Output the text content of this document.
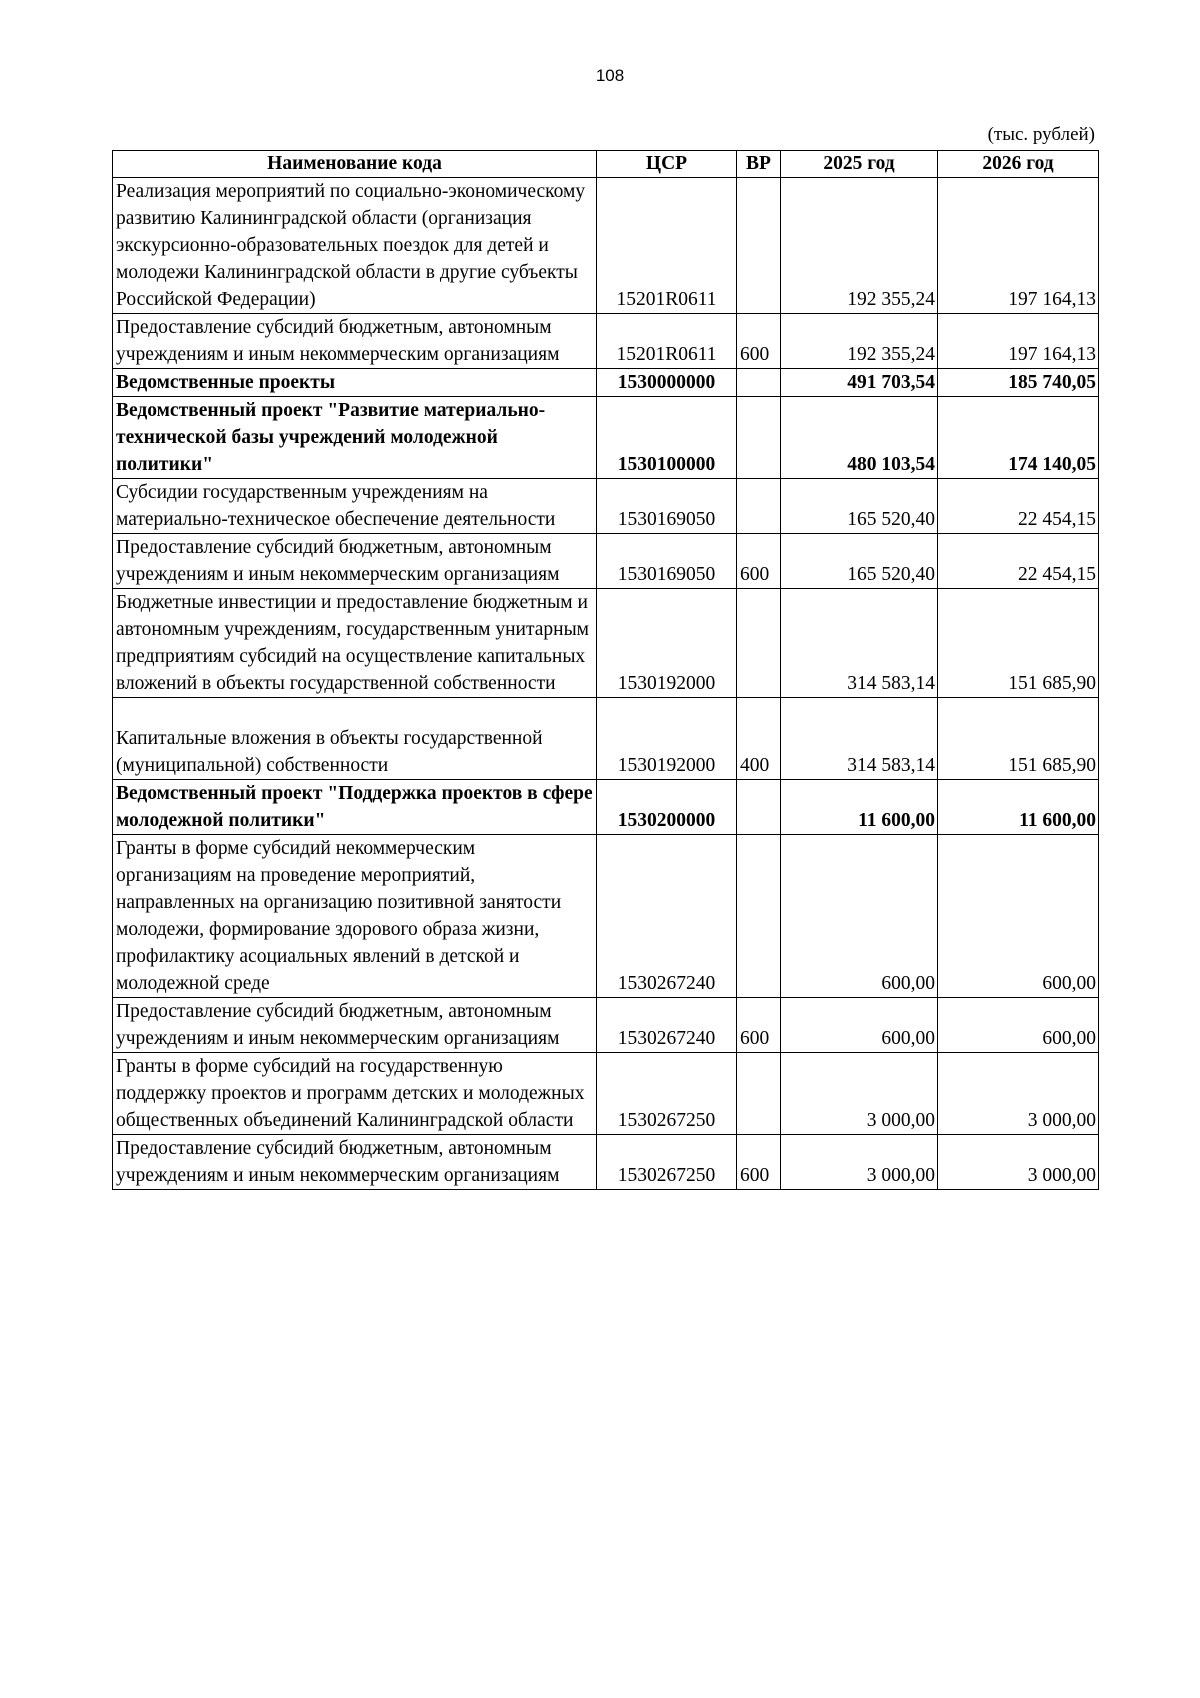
108
(тыс. рублей)
Наименование кода	ЦСР	ВР	2025 год	2026 год
Реализация мероприятий по социально-экономическому развитию Калининградской области (организация экскурсионно-образовательных поездок для детей и молодежи Калининградской области в другие субъекты Российской Федерации)	15201R0611		192 355,24	197 164,13
Предоставление субсидий бюджетным, автономным учреждениям и иным некоммерческим организациям	15201R0611	600	192 355,24	197 164,13
Ведомственные проекты	1530000000		491 703,54	185 740,05
Ведомственный проект "Развитие материально-технической базы учреждений молодежной политики"	1530100000		480 103,54	174 140,05
Субсидии государственным учреждениям на материально-техническое обеспечение деятельности	1530169050		165 520,40	22 454,15
Предоставление субсидий бюджетным, автономным учреждениям и иным некоммерческим организациям	1530169050	600	165 520,40	22 454,15
Бюджетные инвестиции и предоставление бюджетным и автономным учреждениям, государственным унитарным предприятиям субсидий на осуществление капитальных вложений в объекты государственной собственности	1530192000		314 583,14	151 685,90
Капитальные вложения в объекты государственной (муниципальной) собственности	1530192000	400	314 583,14	151 685,90
Ведомственный проект "Поддержка проектов в сфере молодежной политики"	1530200000		11 600,00	11 600,00
Гранты в форме субсидий некоммерческим организациям на проведение мероприятий, направленных на организацию позитивной занятости молодежи, формирование здорового образа жизни, профилактику асоциальных явлений в детской и молодежной среде	1530267240		600,00	600,00
Предоставление субсидий бюджетным, автономным учреждениям и иным некоммерческим организациям	1530267240	600	600,00	600,00
Гранты в форме субсидий на государственную поддержку проектов и программ детских и молодежных общественных объединений Калининградской области	1530267250		3 000,00	3 000,00
Предоставление субсидий бюджетным, автономным учреждениям и иным некоммерческим организациям	1530267250	600	3 000,00	3 000,00
